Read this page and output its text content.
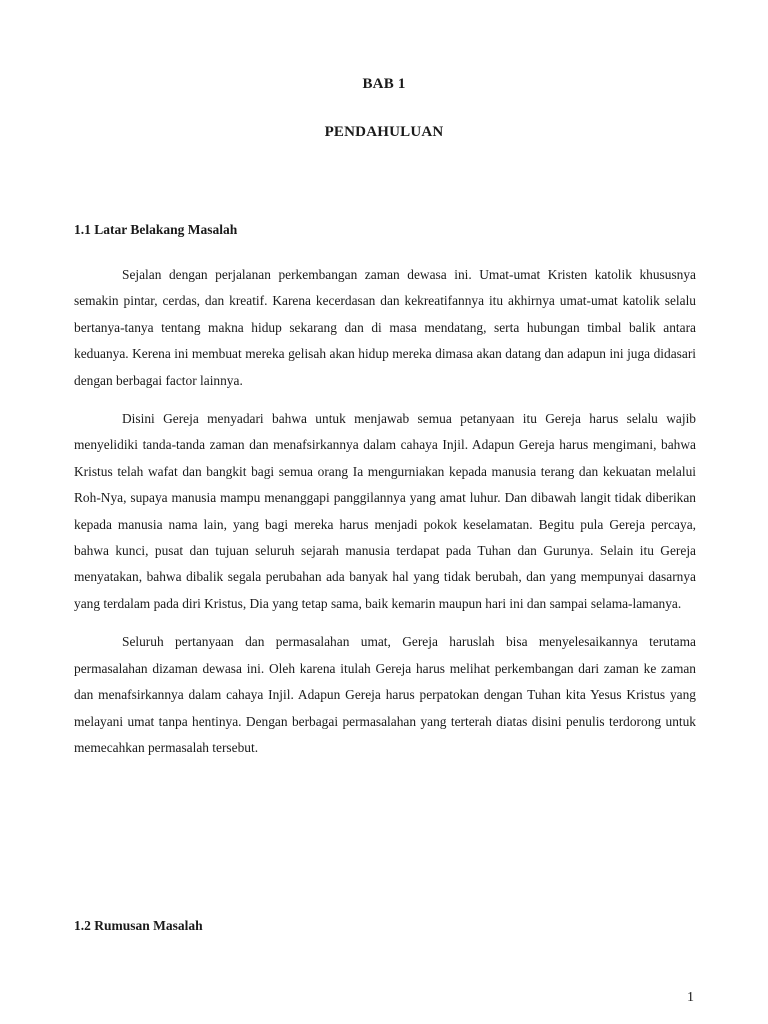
BAB 1
PENDAHULUAN
1.1 Latar Belakang Masalah

Sejalan dengan perjalanan perkembangan zaman dewasa ini. Umat-umat Kristen katolik khususnya semakin pintar, cerdas, dan kreatif. Karena kecerdasan dan kekreatifannya itu akhirnya umat-umat katolik selalu bertanya-tanya tentang makna hidup sekarang dan di masa mendatang, serta hubungan timbal balik antara keduanya. Kerena ini membuat mereka gelisah akan hidup mereka dimasa akan datang dan adapun ini juga didasari dengan berbagai factor lainnya.

Disini Gereja menyadari bahwa untuk menjawab semua petanyaan itu Gereja harus selalu wajib menyelidiki tanda-tanda zaman dan menafsirkannya dalam cahaya Injil. Adapun Gereja harus mengimani, bahwa Kristus telah wafat dan bangkit bagi semua orang Ia mengurniakan kepada manusia terang dan kekuatan melalui Roh-Nya, supaya manusia mampu menanggapi panggilannya yang amat luhur. Dan dibawah langit tidak diberikan kepada manusia nama lain, yang bagi mereka harus menjadi pokok keselamatan. Begitu pula Gereja percaya, bahwa kunci, pusat dan tujuan seluruh sejarah manusia terdapat pada Tuhan dan Gurunya. Selain itu Gereja menyatakan, bahwa dibalik segala perubahan ada banyak hal yang tidak berubah, dan yang mempunyai dasarnya yang terdalam pada diri Kristus, Dia yang tetap sama, baik kemarin maupun hari ini dan sampai selama-lamanya.

Seluruh pertanyaan dan permasalahan umat, Gereja haruslah bisa menyelesaikannya terutama permasalahan dizaman dewasa ini. Oleh karena itulah Gereja harus melihat perkembangan dari zaman ke zaman dan menafsirkannya dalam cahaya Injil. Adapun Gereja harus perpatokan dengan Tuhan kita Yesus Kristus yang melayani umat tanpa hentinya. Dengan berbagai permasalahan yang terterah diatas disini penulis terdorong untuk memecahkan permasalah tersebut.

1.2 Rumusan Masalah
1
